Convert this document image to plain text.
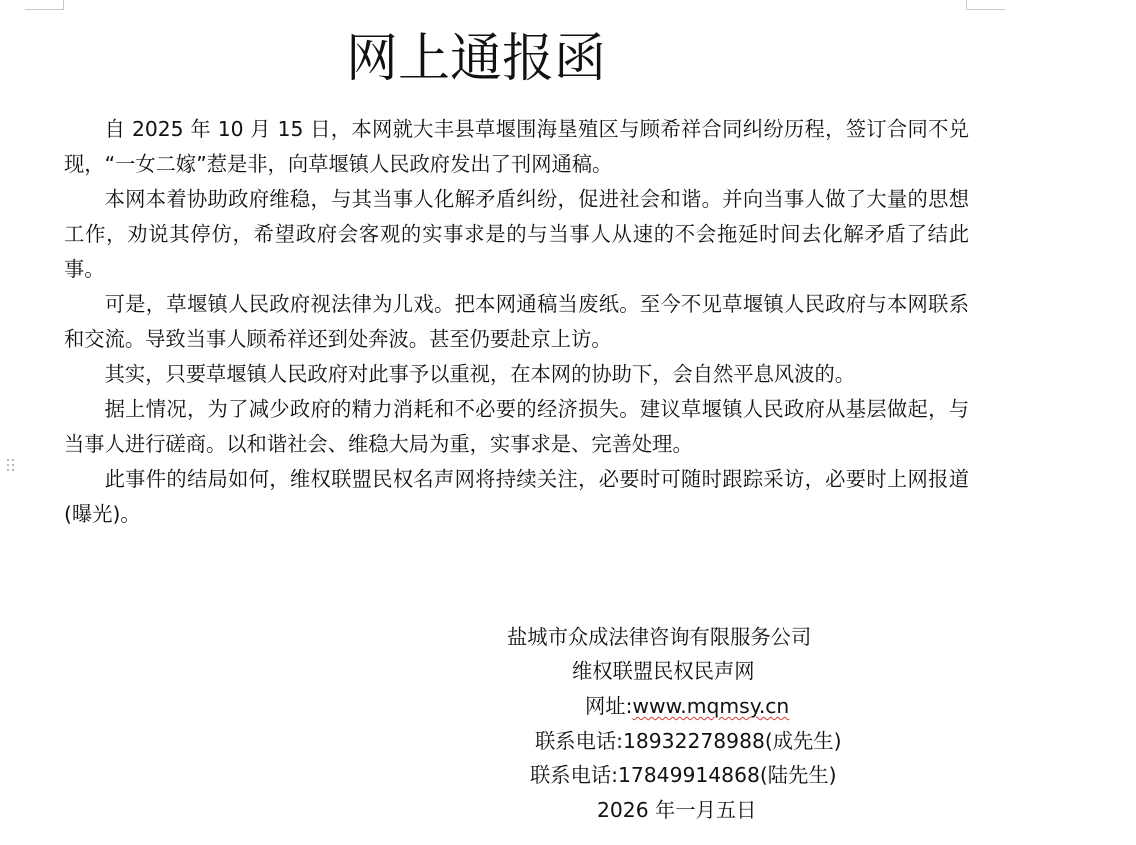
网上通报函

自 2025 年 10 月 15 日，本网就大丰县草堰围海垦殖区与顾希祥合同纠纷历程，签订合同不兑现，“一女二嫁”惹是非，向草堰镇人民政府发出了刊网通稿。

本网本着协助政府维稳，与其当事人化解矛盾纠纷，促进社会和谐。并向当事人做了大量的思想工作，劝说其停仿，希望政府会客观的实事求是的与当事人从速的不会拖延时间去化解矛盾了结此事。

可是，草堰镇人民政府视法律为儿戏。把本网通稿当废纸。至今不见草堰镇人民政府与本网联系和交流。导致当事人顾希祥还到处奔波。甚至仍要赴京上访。

其实，只要草堰镇人民政府对此事予以重视，在本网的协助下，会自然平息风波的。

据上情况，为了减少政府的精力消耗和不必要的经济损失。建议草堰镇人民政府从基层做起，与当事人进行磋商。以和谐社会、维稳大局为重，实事求是、完善处理。

此事件的结局如何，维权联盟民权名声网将持续关注，必要时可随时跟踪采访，必要时上网报道(曝光)。

盐城市众成法律咨询有限服务公司
维权联盟民权民声网
网址:www.mqmsy.cn
联系电话:18932278988(成先生)
联系电话:17849914868(陆先生)
2026 年一月五日
